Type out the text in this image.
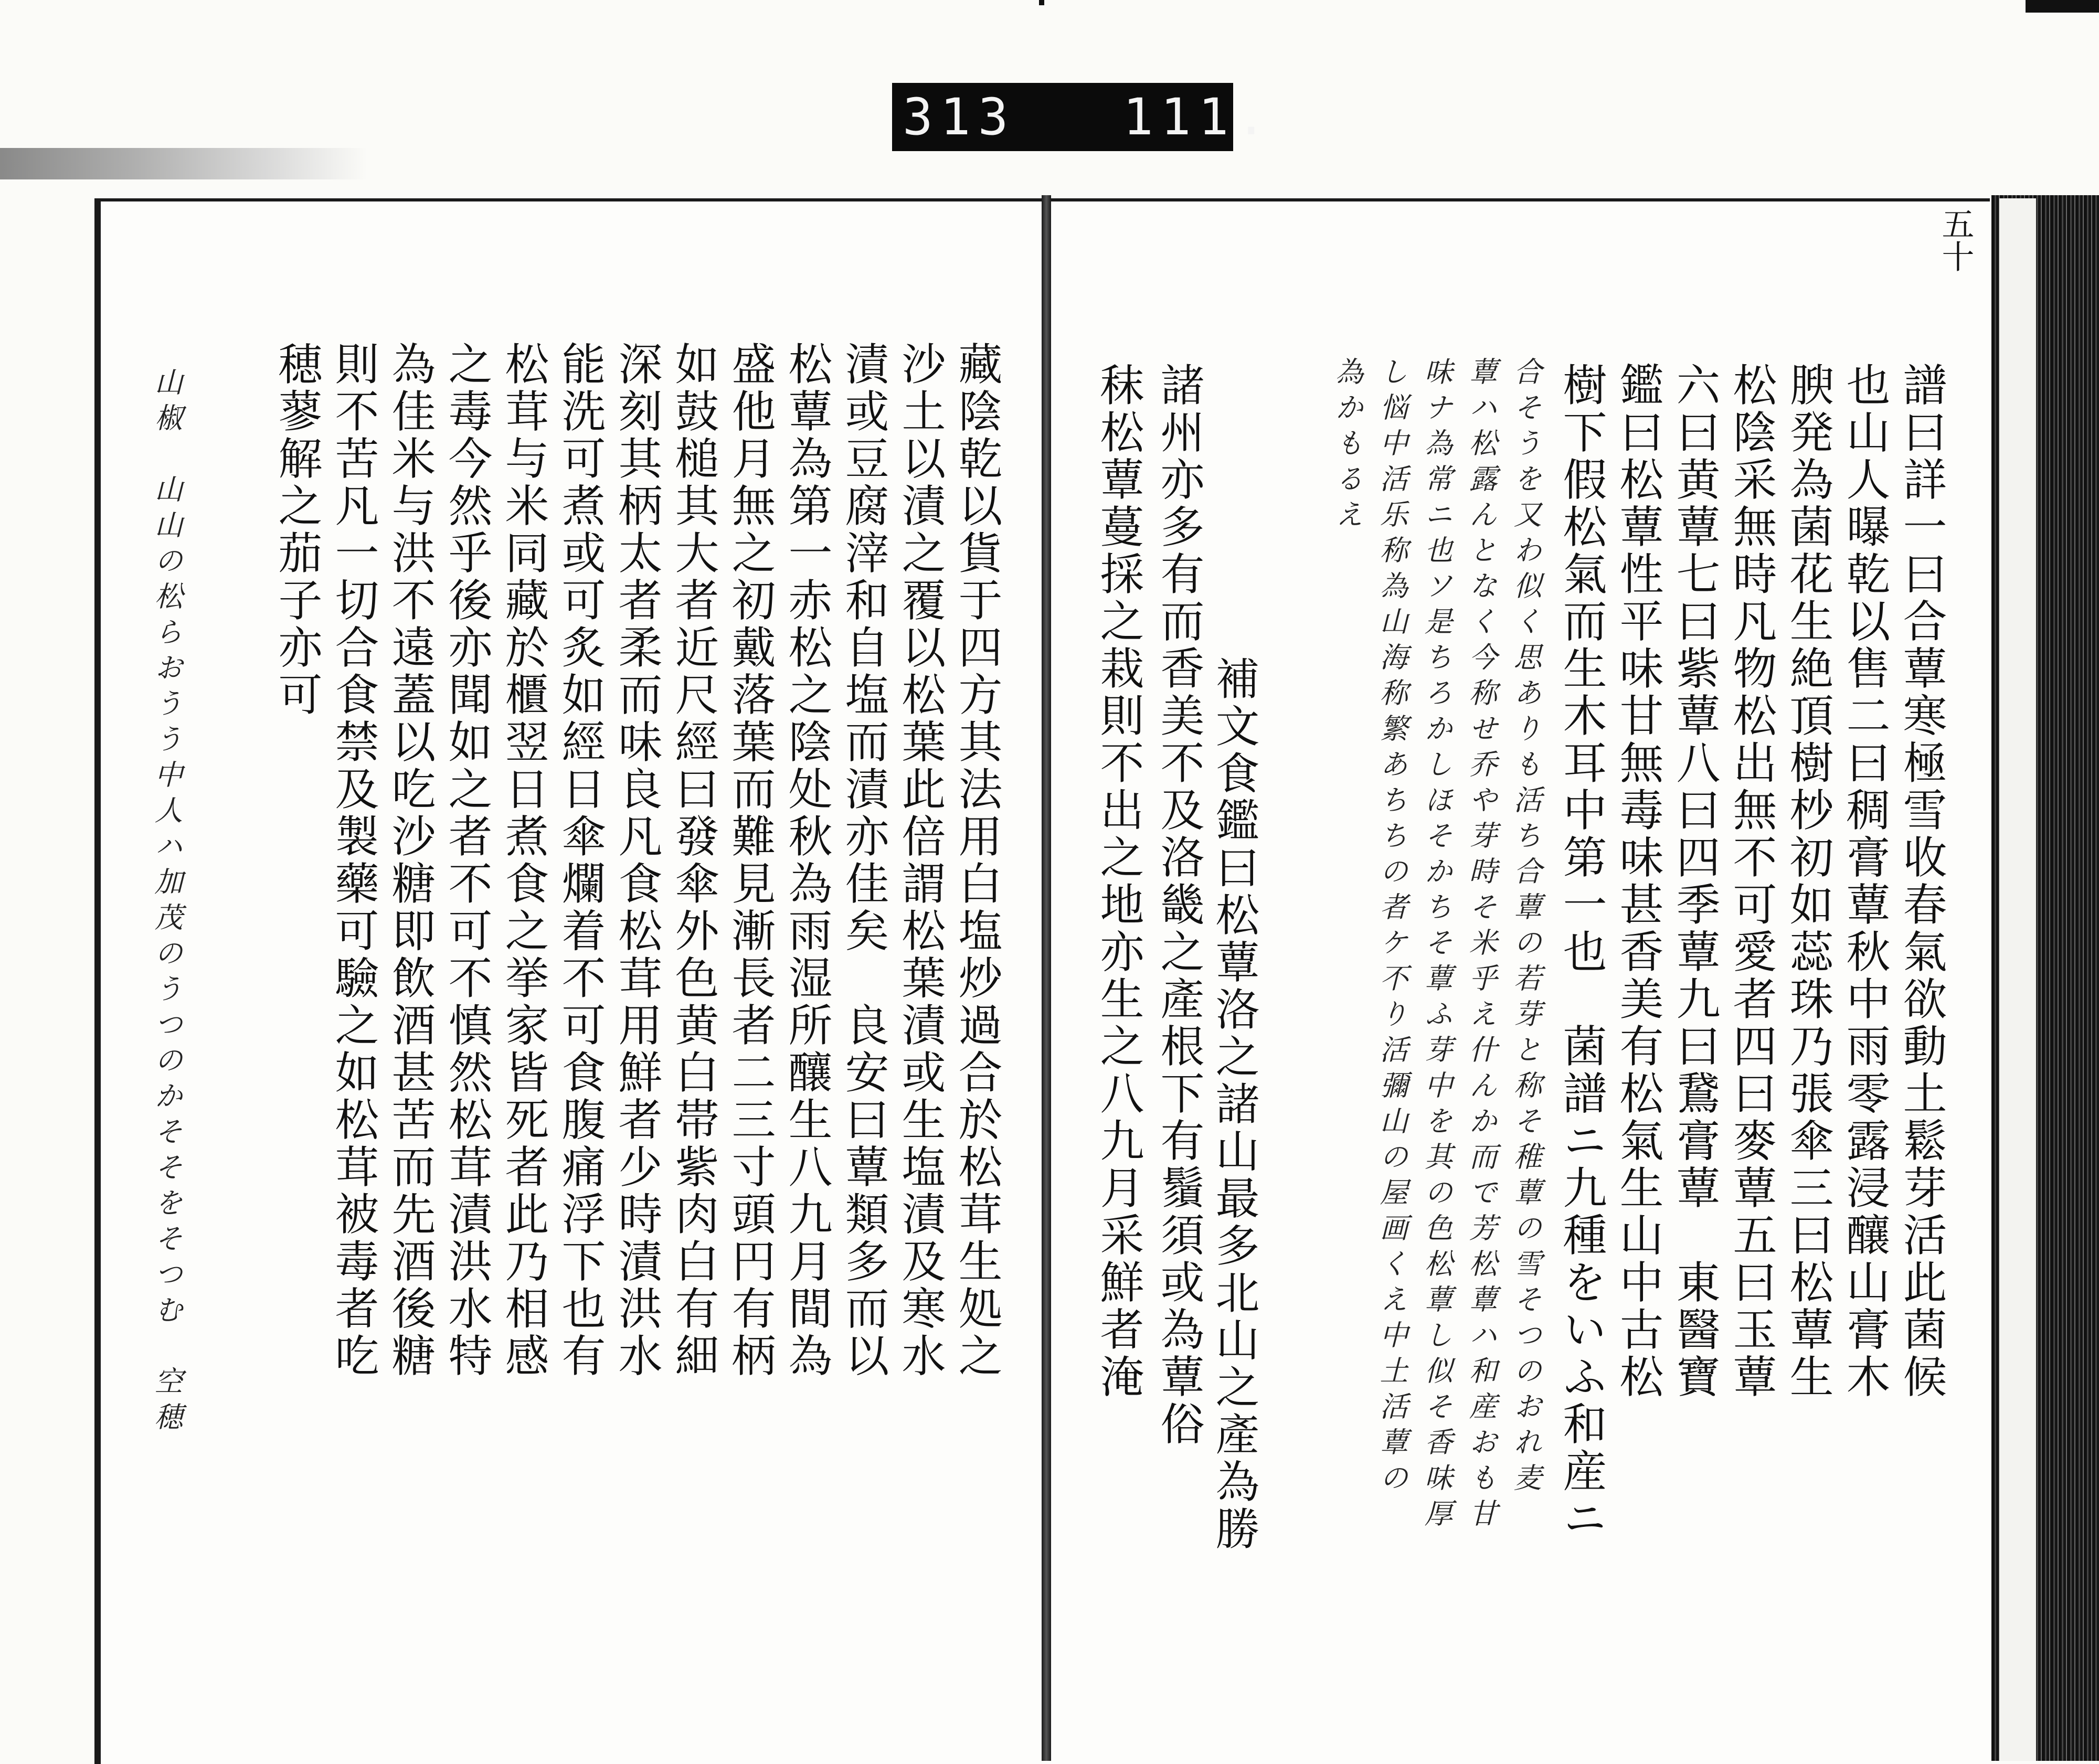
313 111.
五十
譜曰詳一曰合蕈寒極雪收春氣欲動土鬆芽活此菌候
也山人曝乾以售二曰稠膏蕈秋中雨零露浸釀山膏木
腴発為菌花生絶頂樹杪初如蕊珠乃張傘三曰松蕈生
松陰采無時凡物松出無不可愛者四曰麥蕈五曰玉蕈
六曰黄蕈七曰紫蕈八曰四季蕈九曰鵞膏蕈　東醫寶
鑑曰松蕈性平味甘無毒味甚香美有松氣生山中古松
樹下假松氣而生木耳中第一也　菌譜ニ九種をいふ和産ニ
合そうを又わ似く思ありも活ち合蕈の若芽と称そ稚蕈の雪そつのおれ麦
蕈ハ松露んとなく今称せ乔や芽時そ米乎え什んか而で芳松蕈ハ和産おも甘
味ナ為常ニ也ソ是ちろかしほそかちそ蕈ふ芽中を其の色松蕈し似そ香味厚
し悩中活乐称為山海称繁あちちの者ケ不り活彌山の屋画くえ中土活蕈の
為かもるえ
補文食鑑曰松蕈洛之諸山最多北山之產為勝
諸州亦多有而香美不及洛畿之產根下有鬚須或為蕈俗
秣松蕈蔓採之栽則不出之地亦生之八九月采鮮者淹
藏陰乾以貨于四方其法用白塩炒過合於松茸生処之
沙土以漬之覆以松葉此倍謂松葉漬或生塩漬及寒水
漬或豆腐滓和自塩而漬亦佳矣　良安曰蕈類多而以
松蕈為第一赤松之陰处秋為雨湿所釀生八九月間為
盛他月無之初戴落葉而難見漸長者二三寸頭円有柄
如鼓槌其大者近尺經曰發傘外色黄白帯紫肉白有細
深刻其柄太者柔而味良凡食松茸用鮮者少時漬洪水
能洗可煮或可炙如經日傘爛着不可食腹痛浮下也有
松茸与米同藏於櫃翌日煮食之挙家皆死者此乃相感
之毒今然乎後亦聞如之者不可不慎然松茸漬洪水特
為佳米与洪不遠蓋以吃沙糖即飲酒甚苦而先酒後糖
則不苦凡一切合食禁及製藥可驗之如松茸被毒者吃
穂蓼解之茄子亦可
山椒　山山の松らおうう中人ハ加茂のうつのかそそをそつむ　空穂
